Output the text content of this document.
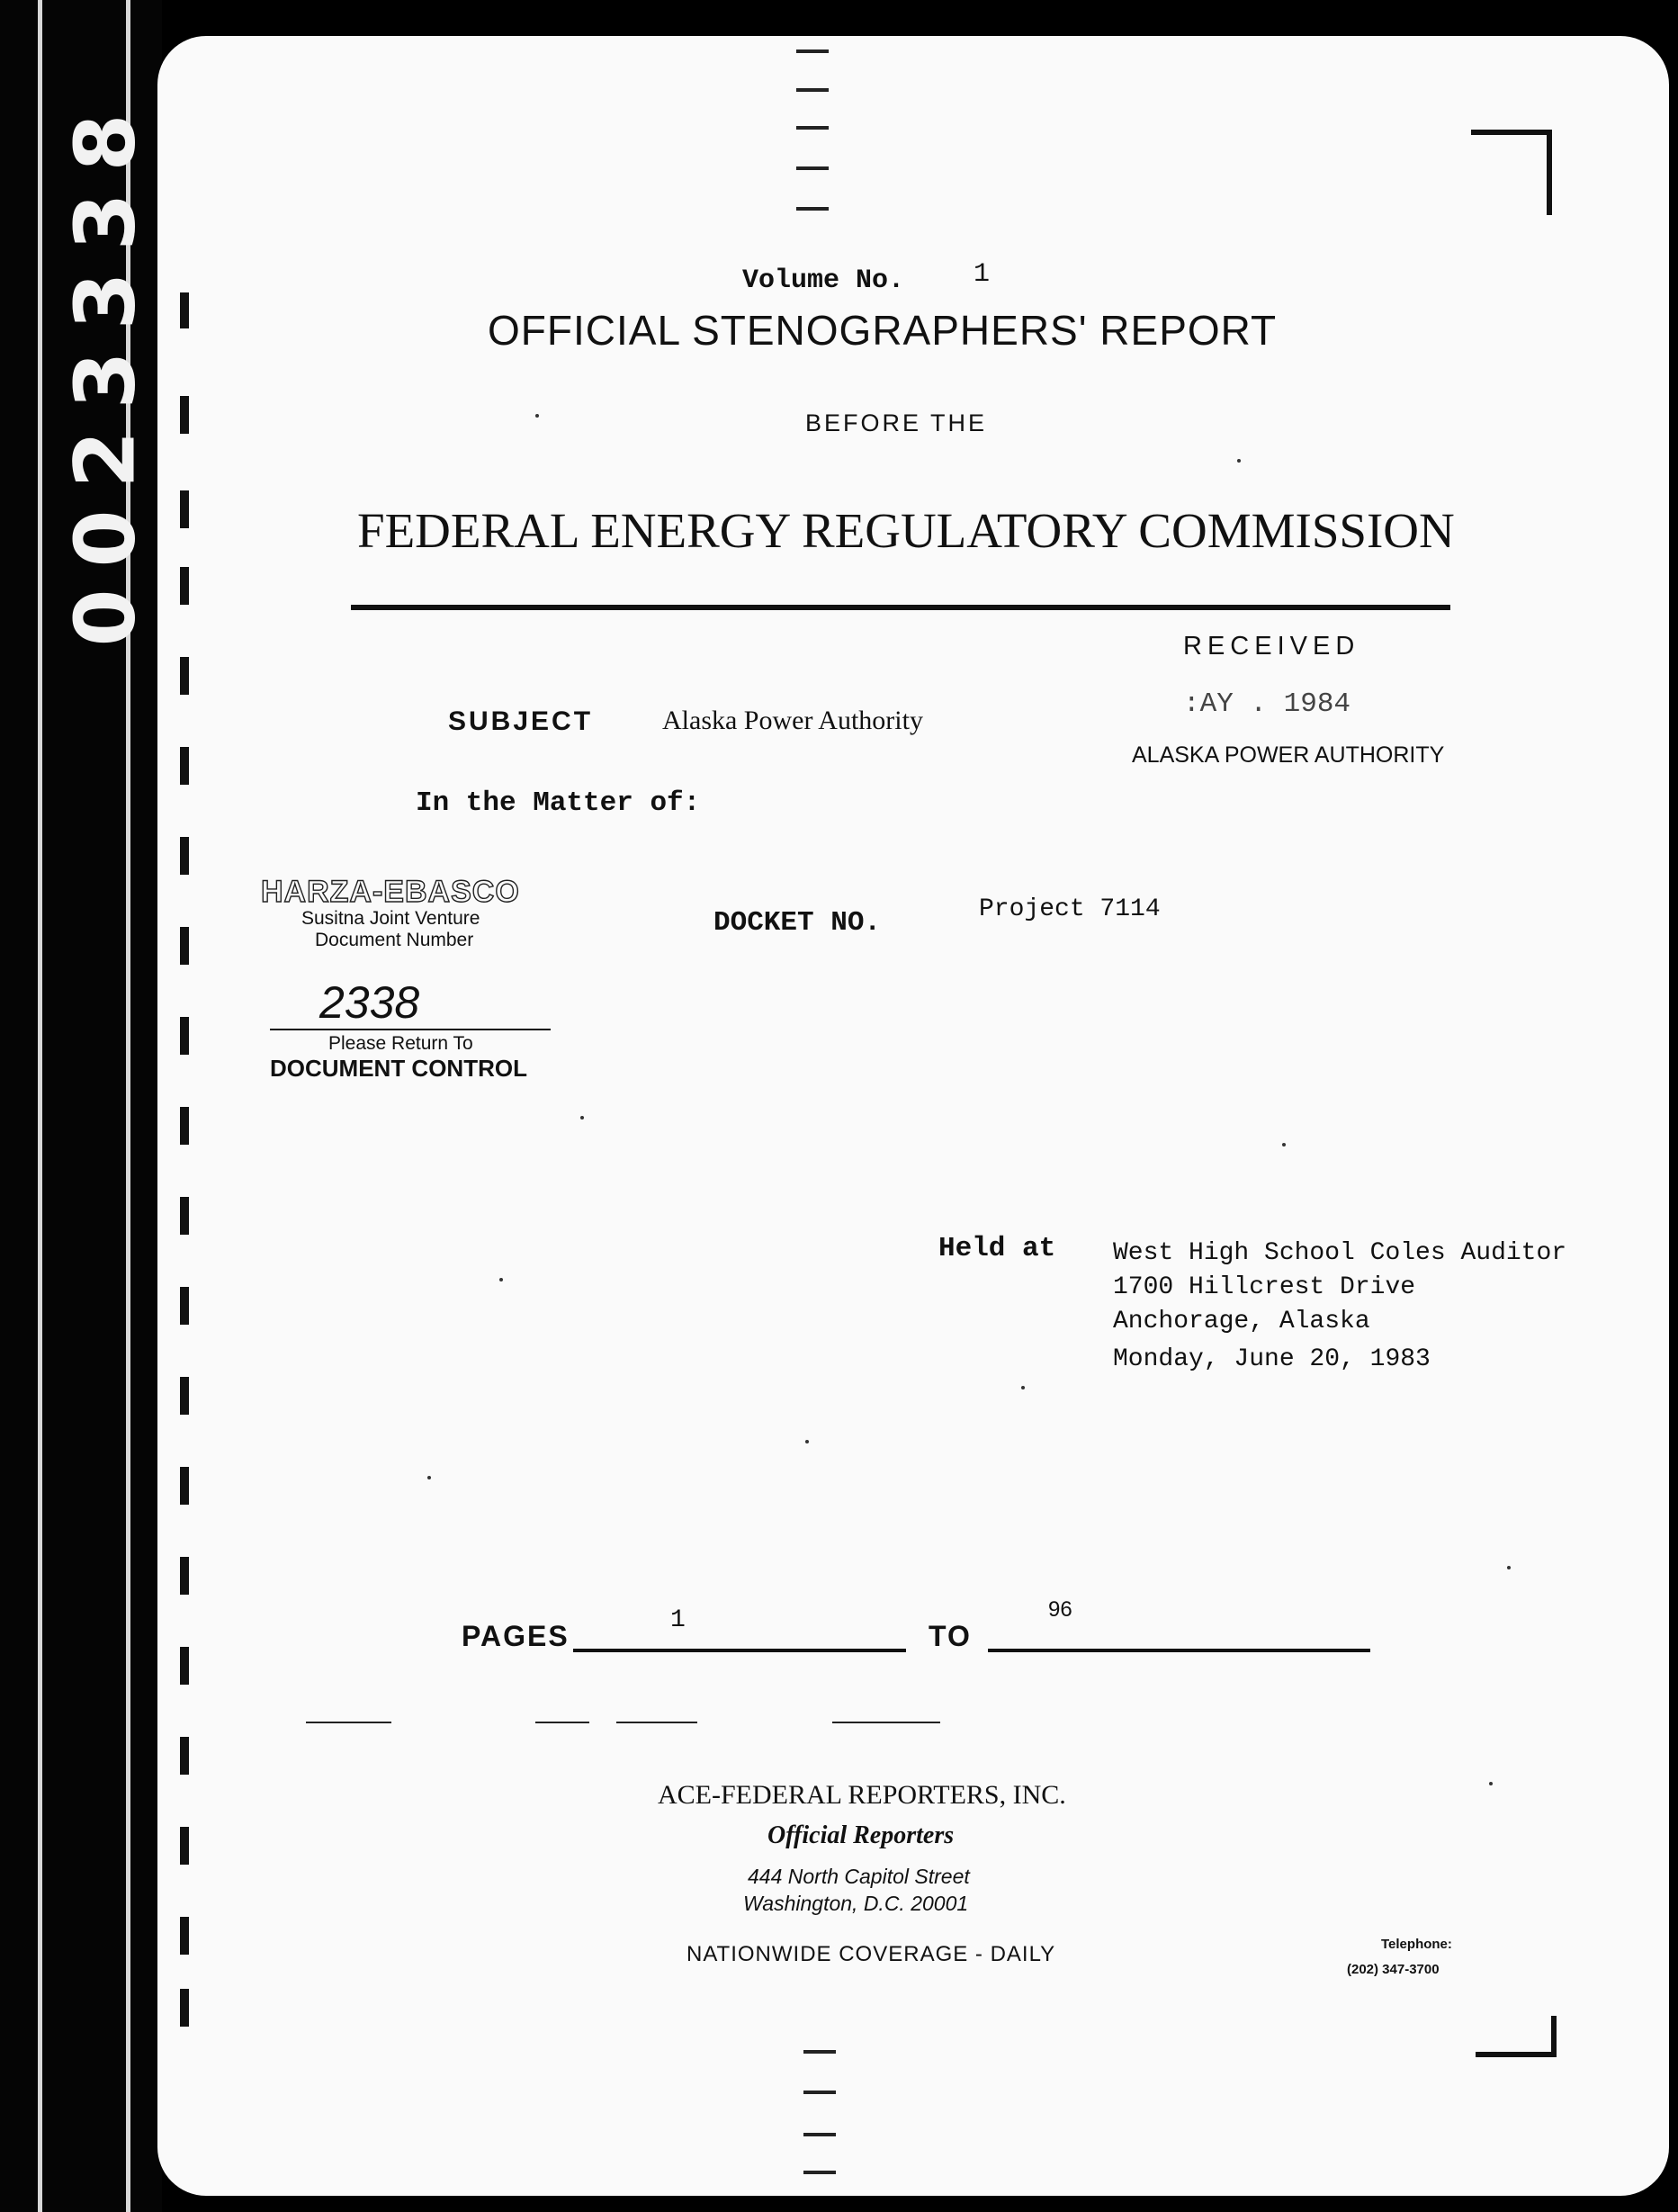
0023338	Volume No.	1
OFFICIAL STENOGRAPHERS' REPORT
BEFORE THE
FEDERAL ENERGY REGULATORY COMMISSION
RECEIVED
:AY . 1984
ALASKA POWER AUTHORITY
SUBJECT	Alaska Power Authority
In the Matter of:
HARZA-EBASCO
Susitna Joint Venture
Document Number
2338
Please Return To
DOCUMENT CONTROL
DOCKET NO.	Project 7114
Held at West High School Coles Auditor
1700 Hillcrest Drive
Anchorage, Alaska
Monday, June 20, 1983
PAGES	1	TO
96
ACE-FEDERAL REPORTERS, INC.
Official Reporters
444 North Capitol Street
Washington, D.C. 20001
NATIONWIDE COVERAGE - DAILY	Telephone:
(202) 347-3700
